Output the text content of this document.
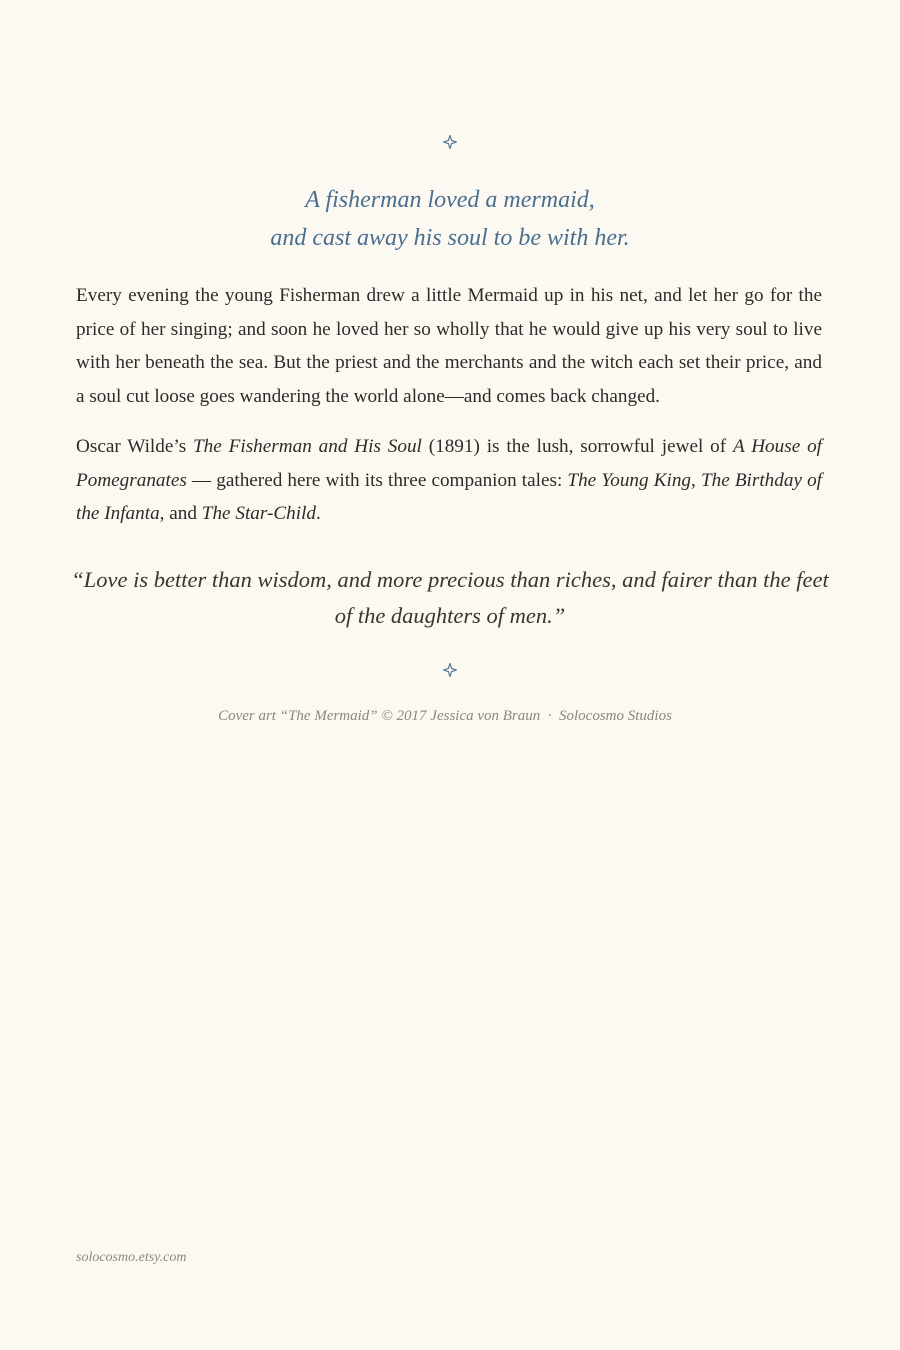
A fisherman loved a mermaid,
and cast away his soul to be with her.
Every evening the young Fisherman drew a little Mermaid up in his net, and let her go for the price of her singing; and soon he loved her so wholly that he would give up his very soul to live with her beneath the sea. But the priest and the merchants and the witch each set their price, and a soul cut loose goes wandering the world alone—and comes back changed.
Oscar Wilde’s The Fisherman and His Soul (1891) is the lush, sorrowful jewel of A House of Pomegranates — gathered here with its three companion tales: The Young King, The Birthday of the Infanta, and The Star-Child.
“Love is better than wisdom, and more precious than riches, and fairer than the feet
of the daughters of men.”
Cover art “The Mermaid” © 2017 Jessica von Braun  ·  Solocosmo Studios
solocosmo.etsy.com
